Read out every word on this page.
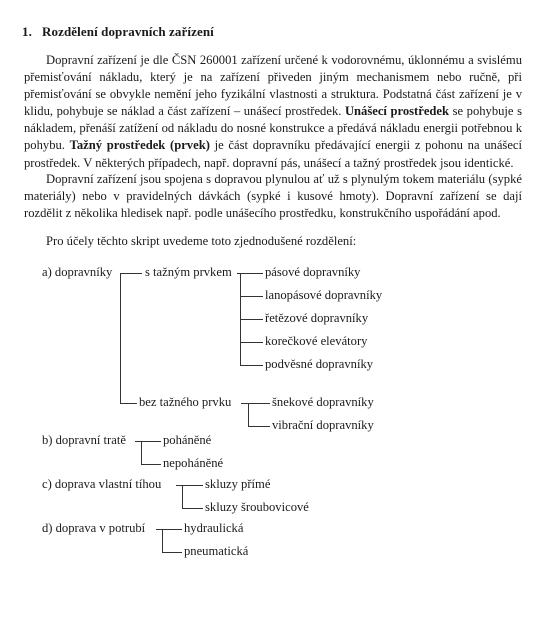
1. Rozdělení dopravních zařízení

Dopravní zařízení je dle ČSN 260001 zařízení určené k vodorovnému, úklonnému a svislému přemisťování nákladu, který je na zařízení přiveden jiným mechanismem nebo ručně, při přemisťování se obvykle nemění jeho fyzikální vlastnosti a struktura. Podstatná část zařízení je v klidu, pohybuje se náklad a část zařízení – unášecí prostředek. Unášecí prostředek se pohybuje s nákladem, přenáší zatížení od nákladu do nosné konstrukce a předává nákladu energii potřebnou k pohybu. Tažný prostředek (prvek) je část dopravníku předávající energii z pohonu na unášecí prostředek. V některých případech, např. dopravní pás, unášecí a tažný prostředek jsou identické.

Dopravní zařízení jsou spojena s dopravou plynulou ať už s plynulým tokem materiálu (sypké materiály) nebo v pravidelných dávkách (sypké i kusové hmoty). Dopravní zařízení se dají rozdělit z několika hledisek např. podle unášecího prostředku, konstrukčního uspořádání apod.

Pro účely těchto skript uvedeme toto zjednodušené rozdělení:

a) dopravníky	s tažným prvkem	pásové dopravníky
lanopásové dopravníky
řetězové dopravníky
korečkové elevátory
podvěsné dopravníky
bez tažného prvku	šnekové dopravníky
vibrační dopravníky
b) dopravní tratě	poháněné
nepoháněné
c) doprava vlastní tíhou	skluzy přímé
skluzy šroubovicové
d) doprava v potrubí	hydraulická
pneumatická
